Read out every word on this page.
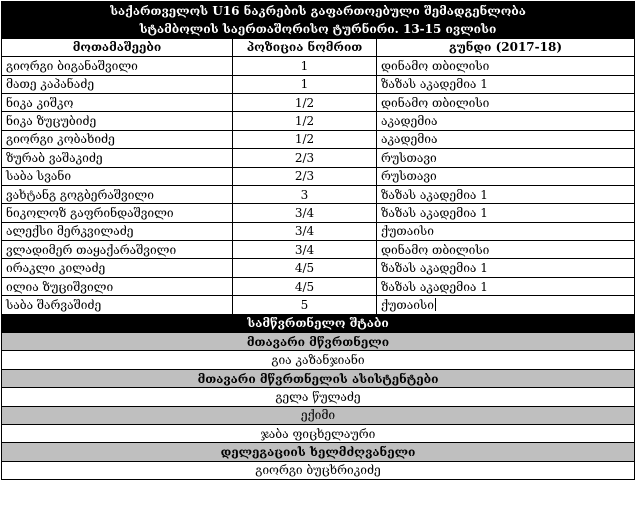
საქართველოს U16 ნაკრების გაფართოებული შემადგენლობა		
სტამბოლის საერთაშორისო ტურნირი. 13-15 ივლისი		
მოთამაშეები	პოზიცია ნომრით	გუნდი (2017-18)
გიორგი ბიგანაშვილი	1	დინამო თბილისი
მათე კაპანაძე	1	ზაზას აკადემია 1
ნიკა კიშკო	1/2	დინამო თბილისი
ნიკა ზუცუბიძე	1/2	აკადემია
გიორგი კობახიძე	1/2	აკადემია
ზურაბ ვაშაკიძე	2/3	რუსთავი
საბა სვანი	2/3	რუსთავი
ვახტანგ გოგბერაშვილი	3	ზაზას აკადემია 1
ნიკოლოზ გაფრინდაშვილი	3/4	ზაზას აკადემია 1
ალექსი მერკვილაძე	3/4	ქუთაისი
ვლადიმერ თაყაქარაშვილი	3/4	დინამო თბილისი
ირაკლი კილაძე	4/5	ზაზას აკადემია 1
ილია ზუციშვილი	4/5	ზაზას აკადემია 1
საბა შარვაშიძე	5	ქუთაისი
სამწვრთნელო შტაბი		
მთავარი მწვრთნელი		
გია კაზანჯიანი		
მთავარი მწვრთნელის ასისტენტები		
გელა წულაძე		
ექიმი		
ჯაბა ფიცხელაური		
დელეგაციის ხელმძღვანელი		
გიორგი ბუცხრიკიძე		
